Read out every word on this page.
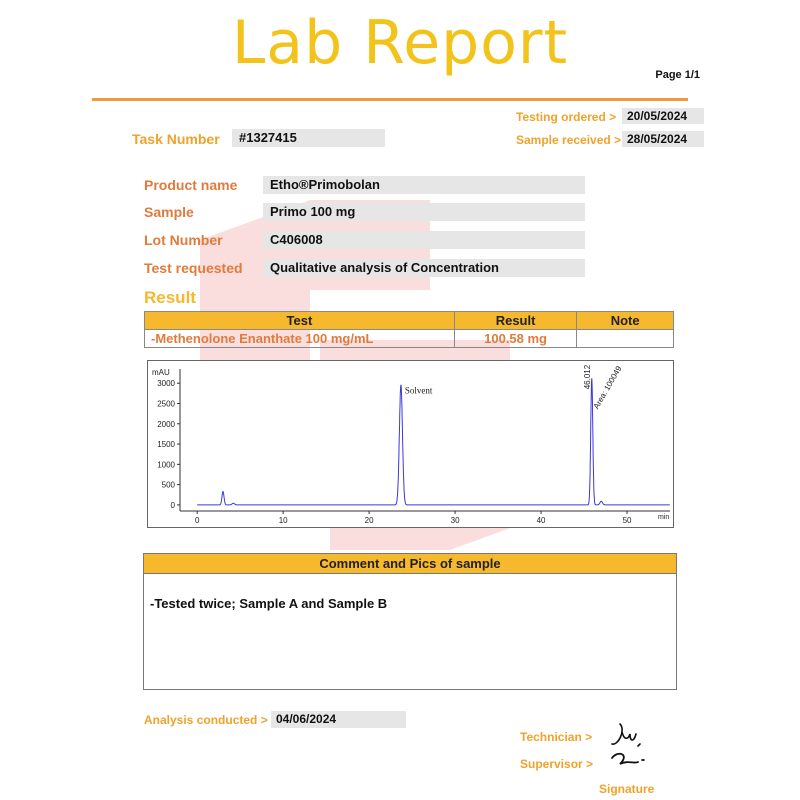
Lab Report	Page 1/1
Testing ordered > 20/05/2024
Sample received > 28/05/2024
Task Number	#1327415
Product name	Etho®Primobolan
Sample	Primo 100 mg
Lot Number	C406008
Test requested	Qualitative analysis of Concentration
Result
Test	Result	Note
-Methenolone Enanthate 100 mg/mL	100.58 mg	
0
500
1000
1500
2000
2500
3000
0	10	20	30	40	50
mAU
min
Solvent
46.012 Area: 100049
Comment and Pics of sample
-Tested twice; Sample A and Sample B
Analysis conducted > 04/06/2024
Technician >
Supervisor >
Signature
